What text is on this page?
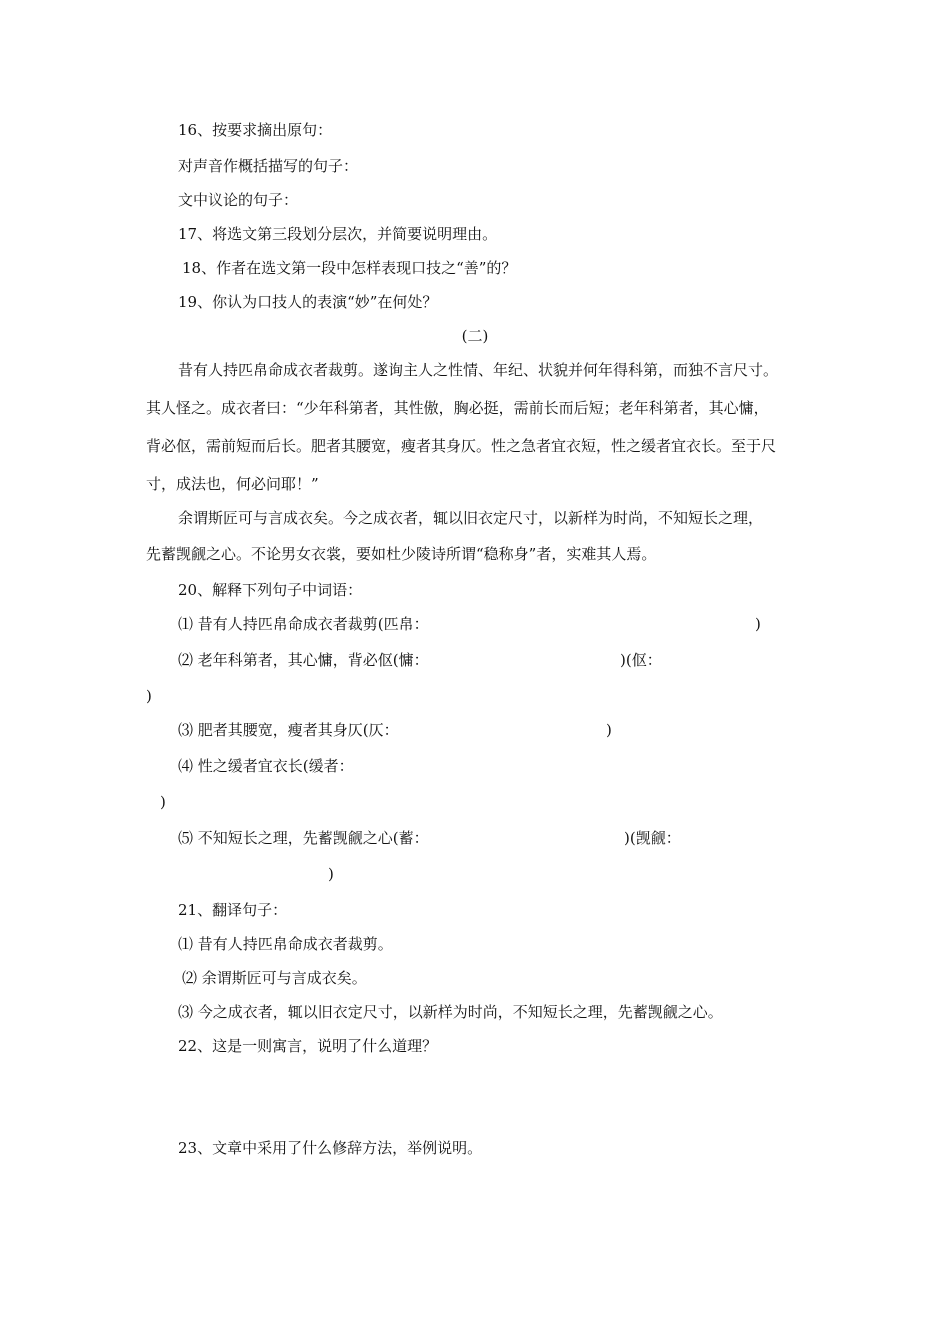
16、按要求摘出原句：
对声音作概括描写的句子：
文中议论的句子：
17、将选文第三段划分层次，并简要说明理由。
18、作者在选文第一段中怎样表现口技之“善”的？
19、你认为口技人的表演“妙”在何处？
(二)
昔有人持匹帛命成衣者裁剪。遂询主人之性情、年纪、状貌并何年得科第，而独不言尺寸。
其人怪之。成衣者曰：“少年科第者，其性傲，胸必挺，需前长而后短；老年科第者，其心慵，
背必伛，需前短而后长。肥者其腰宽，瘦者其身仄。性之急者宜衣短，性之缓者宜衣长。至于尺
寸，成法也，何必问耶！”
余谓斯匠可与言成衣矣。今之成衣者，辄以旧衣定尺寸，以新样为时尚，不知短长之理，
先蓄觊觎之心。不论男女衣裳，要如杜少陵诗所谓“稳称身”者，实难其人焉。
20、解释下列句子中词语：
⑴ 昔有人持匹帛命成衣者裁剪(匹帛：	)
⑵ 老年科第者，其心慵，背必伛(慵：	)(伛：
)
⑶ 肥者其腰宽，瘦者其身仄(仄：	)
⑷ 性之缓者宜衣长(缓者：
)
⑸ 不知短长之理，先蓄觊觎之心(蓄：	)(觊觎：
)
21、翻译句子：
⑴ 昔有人持匹帛命成衣者裁剪。
⑵ 余谓斯匠可与言成衣矣。
⑶ 今之成衣者，辄以旧衣定尺寸，以新样为时尚，不知短长之理，先蓄觊觎之心。
22、这是一则寓言，说明了什么道理？
23、文章中采用了什么修辞方法，举例说明。
